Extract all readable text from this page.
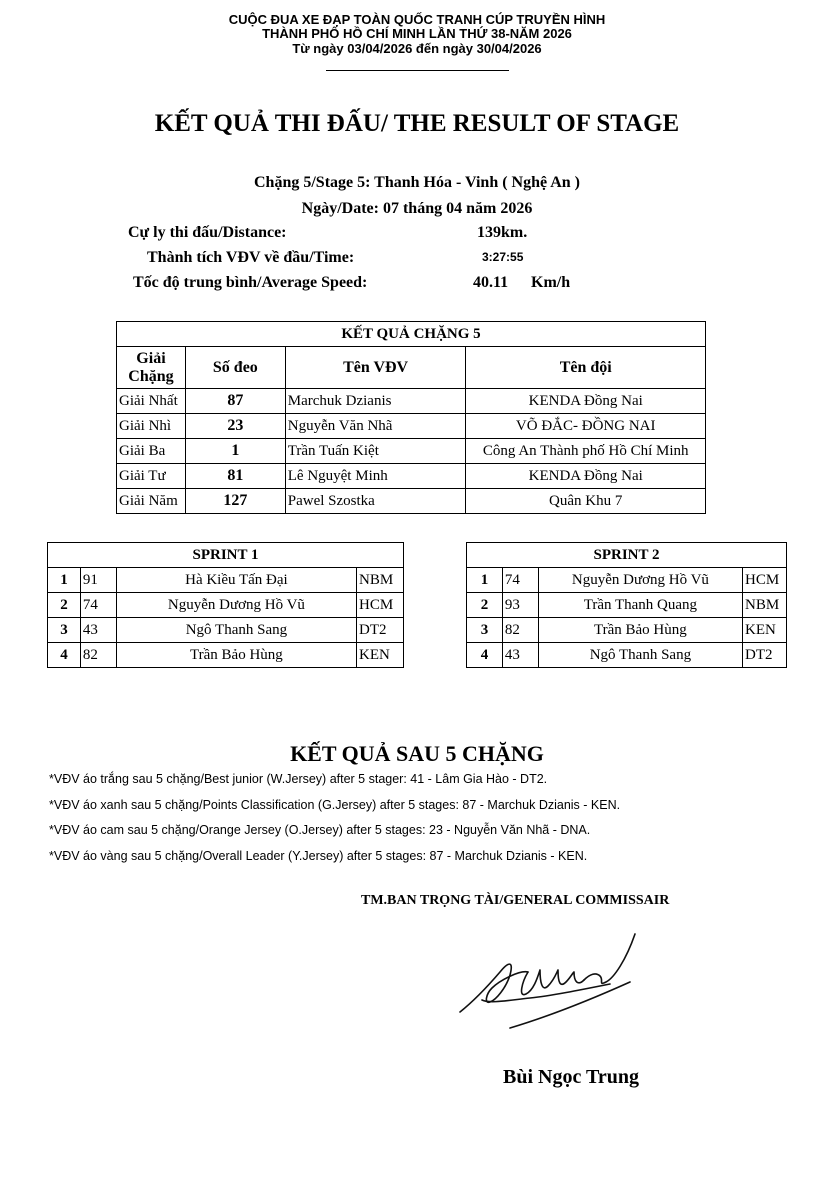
CUỘC ĐUA XE ĐẠP TOÀN QUỐC TRANH CÚP TRUYỀN HÌNH
THÀNH PHỐ HỒ CHÍ MINH LẦN THỨ 38-NĂM 2026
Từ ngày 03/04/2026 đến ngày 30/04/2026
KẾT QUẢ THI ĐẤU/ THE RESULT OF STAGE
Chặng 5/Stage 5: Thanh Hóa - Vinh ( Nghệ An )
Ngày/Date: 07 tháng 04 năm 2026
Cự ly thi đấu/Distance:	139km.
Thành tích VĐV về đầu/Time:	3:27:55
Tốc độ trung bình/Average Speed:	40.11 Km/h
KẾT QUẢ CHẶNG 5			
Giải Chặng	Số đeo	Tên VĐV	Tên đội
Giải Nhất	87	Marchuk Dzianis	KENDA Đồng Nai
Giải Nhì	23	Nguyễn Văn Nhã	VÕ ĐẮC- ĐỒNG NAI
Giải Ba	1	Trần Tuấn Kiệt	Công An Thành phố Hồ Chí Minh
Giải Tư	81	Lê Nguyệt Minh	KENDA Đồng Nai
Giải Năm	127	Pawel Szostka	Quân Khu 7
SPRINT 1			
1	91	Hà Kiều Tấn Đại	NBM
2	74	Nguyễn Dương Hồ Vũ	HCM
3	43	Ngô Thanh Sang	DT2
4	82	Trần Bảo Hùng	KEN
SPRINT 2			
1	74	Nguyễn Dương Hồ Vũ	HCM
2	93	Trần Thanh Quang	NBM
3	82	Trần Bảo Hùng	KEN
4	43	Ngô Thanh Sang	DT2
KẾT QUẢ SAU 5 CHẶNG
*VĐV áo trắng sau 5 chặng/Best junior (W.Jersey) after 5 stager: 41 - Lâm Gia Hào - DT2.
*VĐV áo xanh sau 5 chặng/Points Classification (G.Jersey) after 5 stages: 87 - Marchuk Dzianis - KEN.
*VĐV áo cam sau 5 chặng/Orange Jersey (O.Jersey) after 5 stages: 23 - Nguyễn Văn Nhã - DNA.
*VĐV áo vàng sau 5 chặng/Overall Leader (Y.Jersey) after 5 stages: 87 - Marchuk Dzianis - KEN.
TM.BAN TRỌNG TÀI/GENERAL COMMISSAIR
Bùi Ngọc Trung
